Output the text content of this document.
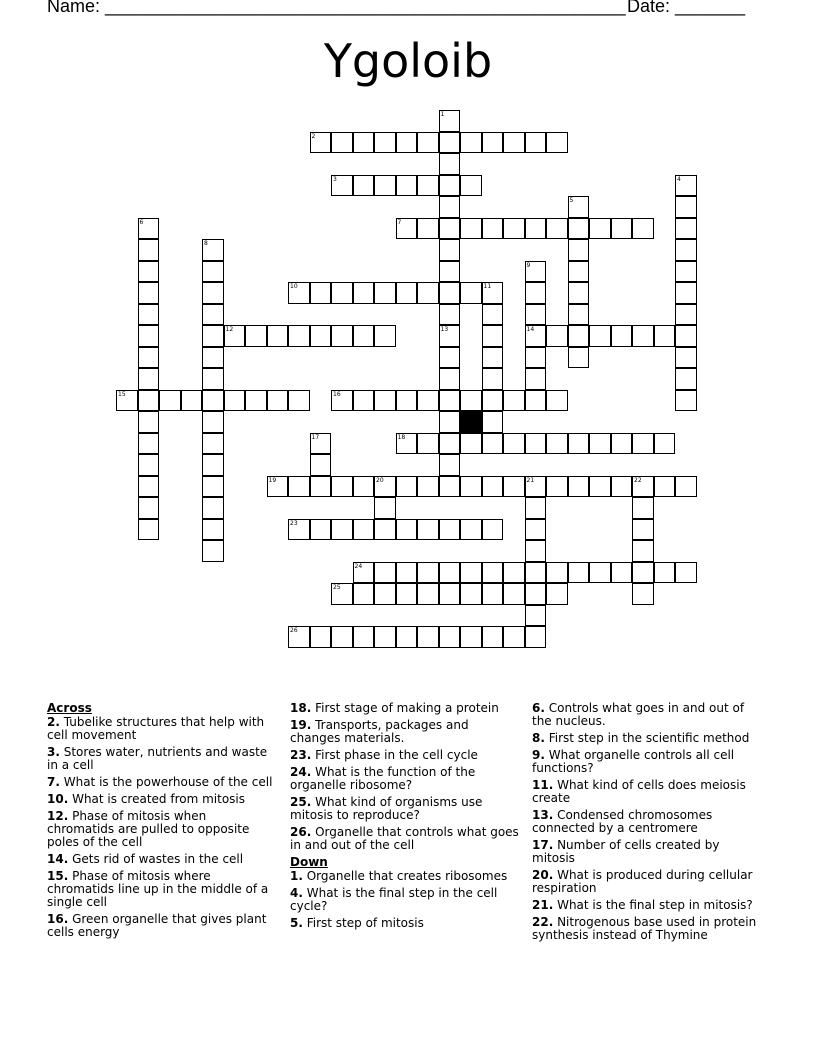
Name: ____________________________________________________ Date: _______
Ygoloib
2
3
7
10
12	14
15	16
18
19
23
24
25
26
1
4
5
6
8
9
11
13
17
20	21	22
Across
2. Tubelike structures that help with cell movement
3. Stores water, nutrients and waste in a cell
7. What is the powerhouse of the cell
10. What is created from mitosis
12. Phase of mitosis when chromatids are pulled to opposite poles of the cell
14. Gets rid of wastes in the cell
15. Phase of mitosis where chromatids line up in the middle of a single cell
16. Green organelle that gives plant cells energy
18. First stage of making a protein
19. Transports, packages and changes materials.
23. First phase in the cell cycle
24. What is the function of the organelle ribosome?
25. What kind of organisms use mitosis to reproduce?
26. Organelle that controls what goes in and out of the cell
Down
1. Organelle that creates ribosomes
4. What is the final step in the cell cycle?
5. First step of mitosis
6. Controls what goes in and out of the nucleus.
8. First step in the scientific method
9. What organelle controls all cell functions?
11. What kind of cells does meiosis create
13. Condensed chromosomes connected by a centromere
17. Number of cells created by mitosis
20. What is produced during cellular respiration
21. What is the final step in mitosis?
22. Nitrogenous base used in protein synthesis instead of Thymine
